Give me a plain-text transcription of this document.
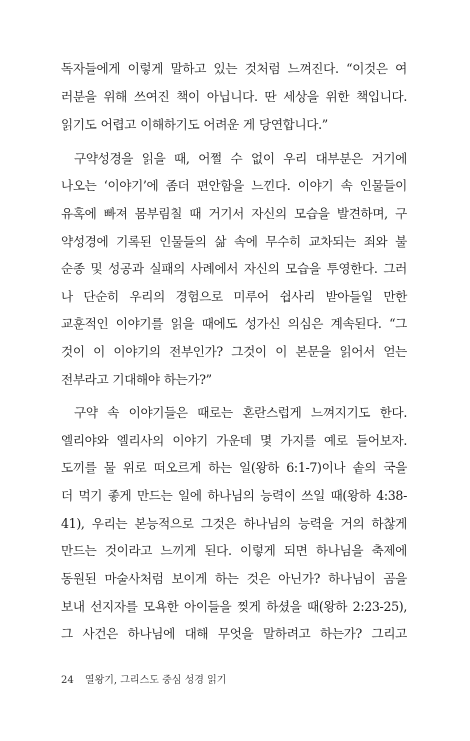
독자들에게 이렇게 말하고 있는 것처럼 느껴진다. “이것은 여
러분을 위해 쓰여진 책이 아닙니다. 딴 세상을 위한 책입니다.
읽기도 어렵고 이해하기도 어려운 게 당연합니다.”
구약성경을 읽을 때, 어쩔 수 없이 우리 대부분은 거기에
나오는 ‘이야기’에 좀더 편안함을 느낀다. 이야기 속 인물들이
유혹에 빠져 몸부림칠 때 거기서 자신의 모습을 발견하며, 구
약성경에 기록된 인물들의 삶 속에 무수히 교차되는 죄와 불
순종 및 성공과 실패의 사례에서 자신의 모습을 투영한다. 그러
나 단순히 우리의 경험으로 미루어 쉽사리 받아들일 만한
교훈적인 이야기를 읽을 때에도 성가신 의심은 계속된다. “그
것이 이 이야기의 전부인가? 그것이 이 본문을 읽어서 얻는
전부라고 기대해야 하는가?”
구약 속 이야기들은 때로는 혼란스럽게 느껴지기도 한다.
엘리야와 엘리사의 이야기 가운데 몇 가지를 예로 들어보자.
도끼를 물 위로 떠오르게 하는 일(왕하 6:1-7)이나 솥의 국을
더 먹기 좋게 만드는 일에 하나님의 능력이 쓰일 때(왕하 4:38-
41), 우리는 본능적으로 그것은 하나님의 능력을 거의 하찮게
만드는 것이라고 느끼게 된다. 이렇게 되면 하나님을 축제에
동원된 마술사처럼 보이게 하는 것은 아닌가? 하나님이 곰을
보내 선지자를 모욕한 아이들을 찢게 하셨을 때(왕하 2:23-25),
그 사건은 하나님에 대해 무엇을 말하려고 하는가? 그리고
24 열왕기, 그리스도 중심 성경 읽기
